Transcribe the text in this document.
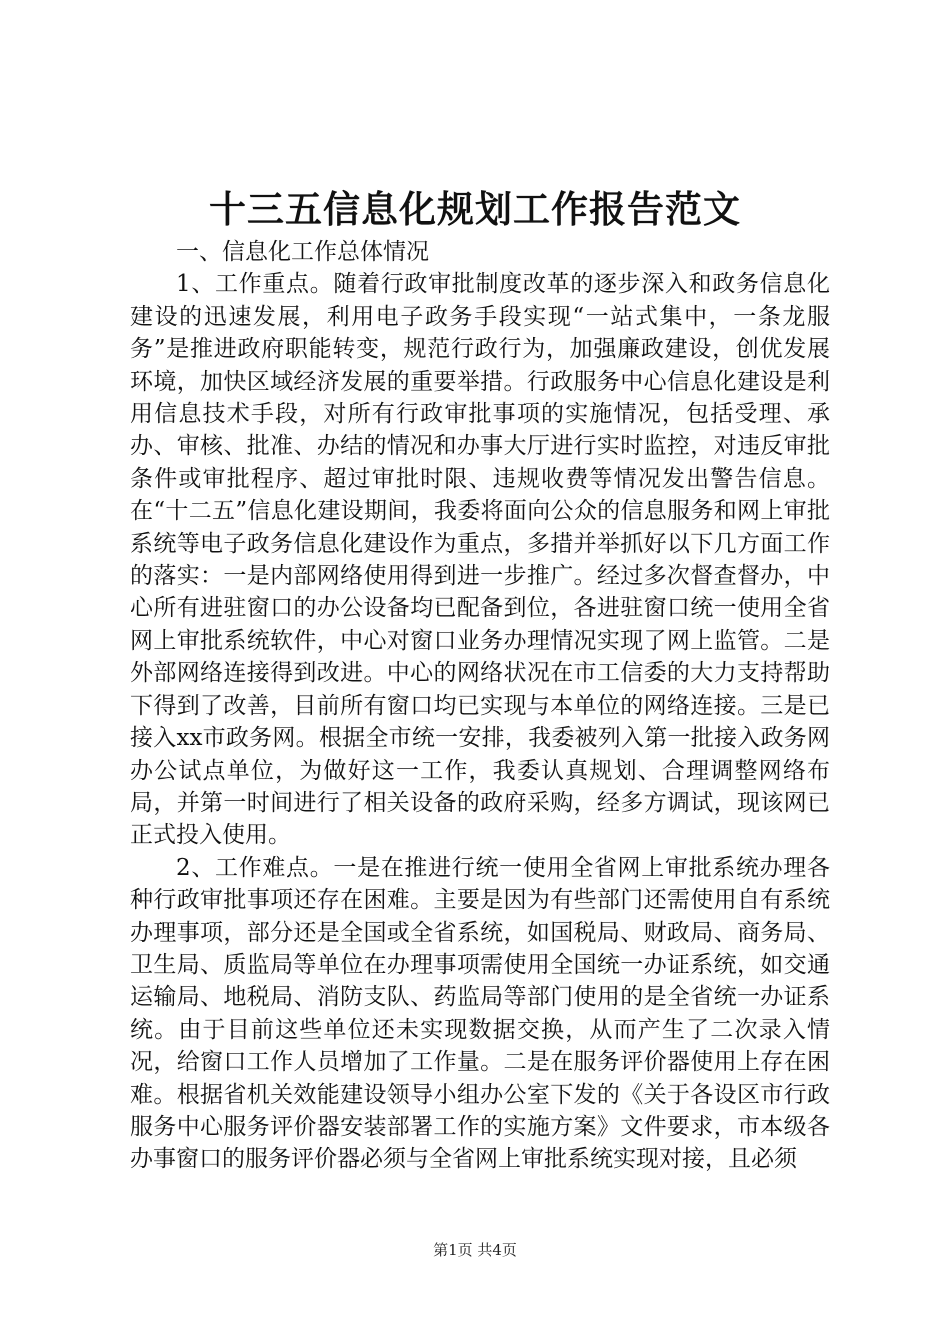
十三五信息化规划工作报告范文

一、信息化工作总体情况

1、工作重点。随着行政审批制度改革的逐步深入和政务信息化建设的迅速发展，利用电子政务手段实现“一站式集中，一条龙服务”是推进政府职能转变，规范行政行为，加强廉政建设，创优发展环境，加快区域经济发展的重要举措。行政服务中心信息化建设是利用信息技术手段，对所有行政审批事项的实施情况，包括受理、承办、审核、批准、办结的情况和办事大厅进行实时监控，对违反审批条件或审批程序、超过审批时限、违规收费等情况发出警告信息。在“十二五”信息化建设期间，我委将面向公众的信息服务和网上审批系统等电子政务信息化建设作为重点，多措并举抓好以下几方面工作的落实：一是内部网络使用得到进一步推广。经过多次督查督办，中心所有进驻窗口的办公设备均已配备到位，各进驻窗口统一使用全省网上审批系统软件，中心对窗口业务办理情况实现了网上监管。二是外部网络连接得到改进。中心的网络状况在市工信委的大力支持帮助下得到了改善，目前所有窗口均已实现与本单位的网络连接。三是已接入xx市政务网。根据全市统一安排，我委被列入第一批接入政务网办公试点单位，为做好这一工作，我委认真规划、合理调整网络布局，并第一时间进行了相关设备的政府采购，经多方调试，现该网已正式投入使用。

2、工作难点。一是在推进行统一使用全省网上审批系统办理各种行政审批事项还存在困难。主要是因为有些部门还需使用自有系统办理事项，部分还是全国或全省系统，如国税局、财政局、商务局、卫生局、质监局等单位在办理事项需使用全国统一办证系统，如交通运输局、地税局、消防支队、药监局等部门使用的是全省统一办证系统。由于目前这些单位还未实现数据交换，从而产生了二次录入情况，给窗口工作人员增加了工作量。二是在服务评价器使用上存在困难。根据省机关效能建设领导小组办公室下发的《关于各设区市行政服务中心服务评价器安装部署工作的实施方案》文件要求，市本级各办事窗口的服务评价器必须与全省网上审批系统实现对接，且必须

第1页 共4页
